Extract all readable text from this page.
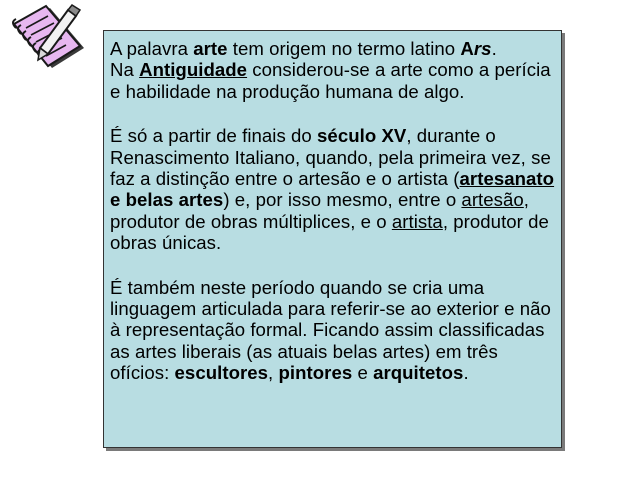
A palavra arte tem origem no termo latino Ars.
Na Antiguidade considerou-se a arte como a perícia e habilidade na produção humana de algo.

É só a partir de finais do século XV, durante o Renascimento Italiano, quando, pela primeira vez, se faz a distinção entre o artesão e o artista (artesanato e belas artes) e, por isso mesmo, entre o artesão, produtor de obras múltiplices, e o artista, produtor de obras únicas.

É também neste período quando se cria uma linguagem articulada para referir-se ao exterior e não à representação formal. Ficando assim classificadas as artes liberais (as atuais belas artes) em três ofícios: escultores, pintores e arquitetos.
